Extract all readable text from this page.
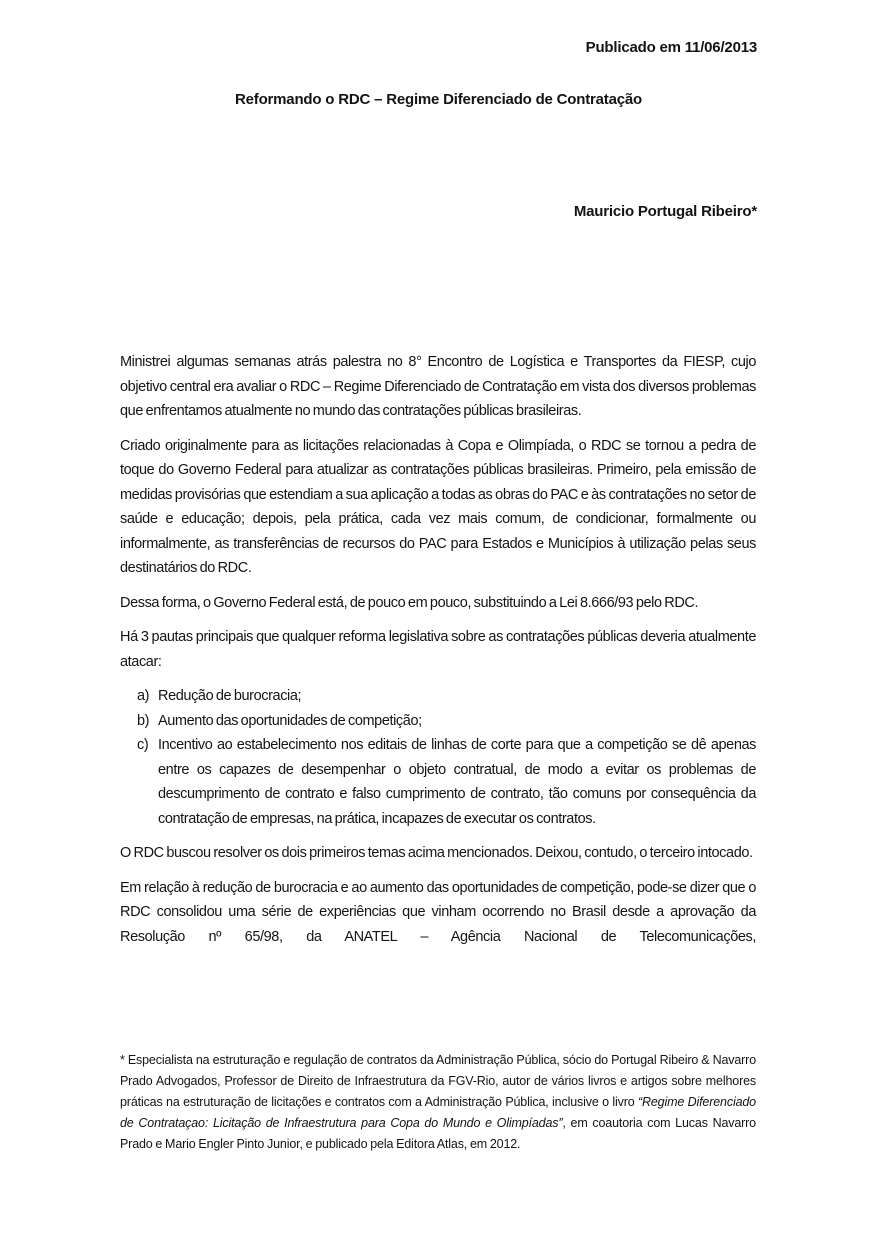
Publicado em 11/06/2013
Reformando o RDC – Regime Diferenciado de Contratação
Mauricio Portugal Ribeiro*

Ministrei algumas semanas atrás palestra no 8° Encontro de Logística e Transportes da FIESP, cujo objetivo central era avaliar o RDC – Regime Diferenciado de Contratação em vista dos diversos problemas que enfrentamos atualmente no mundo das contratações públicas brasileiras.

Criado originalmente para as licitações relacionadas à Copa e Olimpíada, o RDC se tornou a pedra de toque do Governo Federal para atualizar as contratações públicas brasileiras. Primeiro, pela emissão de medidas provisórias que estendiam a sua aplicação a todas as obras do PAC e às contratações no setor de saúde e educação; depois, pela prática, cada vez mais comum, de condicionar, formalmente ou informalmente, as transferências de recursos do PAC para Estados e Municípios à utilização pelas seus destinatários do RDC.

Dessa forma, o Governo Federal está, de pouco em pouco, substituindo a Lei 8.666/93 pelo RDC.

Há 3 pautas principais que qualquer reforma legislativa sobre as contratações públicas deveria atualmente atacar:

a) Redução de burocracia;
b) Aumento das oportunidades de competição;
c) Incentivo ao estabelecimento nos editais de linhas de corte para que a competição se dê apenas entre os capazes de desempenhar o objeto contratual, de modo a evitar os problemas de descumprimento de contrato e falso cumprimento de contrato, tão comuns por consequência da contratação de empresas, na prática, incapazes de executar os contratos.

O RDC buscou resolver os dois primeiros temas acima mencionados. Deixou, contudo, o terceiro intocado.

Em relação à redução de burocracia e ao aumento das oportunidades de competição, pode-se dizer que o RDC consolidou uma série de experiências que vinham ocorrendo no Brasil desde a aprovação da Resolução nº 65/98, da ANATEL – Agência Nacional de Telecomunicações,

* Especialista na estruturação e regulação de contratos da Administração Pública, sócio do Portugal Ribeiro & Navarro Prado Advogados, Professor de Direito de Infraestrutura da FGV-Rio, autor de vários livros e artigos sobre melhores práticas na estruturação de licitações e contratos com a Administração Pública, inclusive o livro “Regime Diferenciado de Contrataçao: Licitação de Infraestrutura para Copa do Mundo e Olimpíadas”, em coautoria com Lucas Navarro Prado e Mario Engler Pinto Junior, e publicado pela Editora Atlas, em 2012.
